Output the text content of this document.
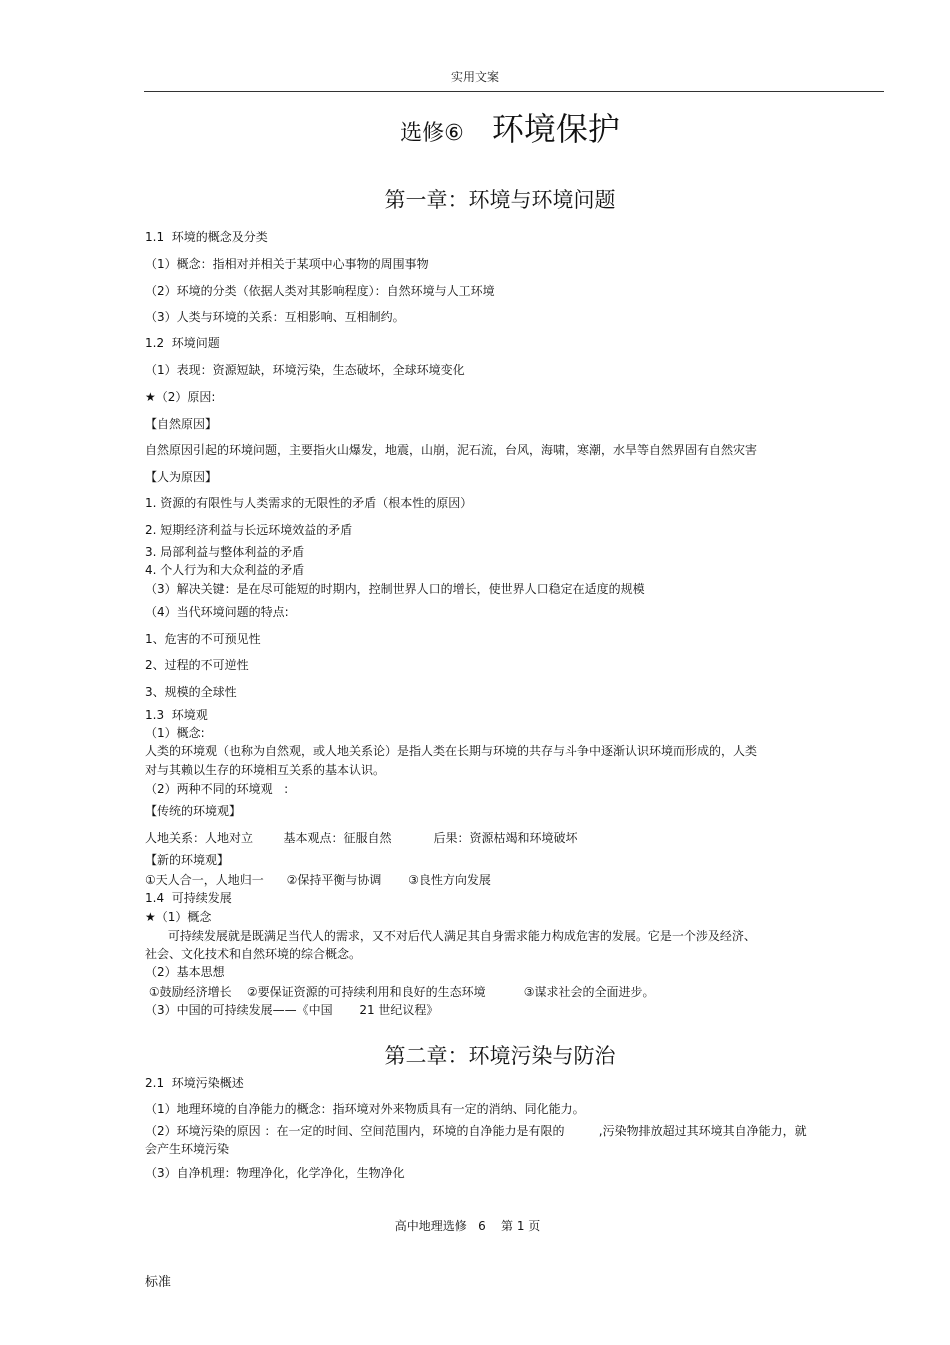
实用文案
选修⑥ 环境保护
第一章：环境与环境问题
1.1  环境的概念及分类
（1）概念：指相对并相关于某项中心事物的周围事物
（2）环境的分类（依据人类对其影响程度）：自然环境与人工环境
（3）人类与环境的关系：互相影响、互相制约。
1.2  环境问题
（1）表现：资源短缺，环境污染，生态破坏，全球环境变化
★（2）原因:
【自然原因】
自然原因引起的环境问题，主要指火山爆发，地震，山崩，泥石流，台风，海啸，寒潮，水旱等自然界固有自然灾害
【人为原因】
1. 资源的有限性与人类需求的无限性的矛盾（根本性的原因）
2. 短期经济利益与长远环境效益的矛盾
3. 局部利益与整体利益的矛盾
4. 个人行为和大众利益的矛盾
（3）解决关键：是在尽可能短的时期内，控制世界人口的增长，使世界人口稳定在适度的规模
（4）当代环境问题的特点:
1、危害的不可预见性
2、过程的不可逆性
3、规模的全球性
1.3  环境观
（1）概念:
人类的环境观（也称为自然观，或人地关系论）是指人类在长期与环境的共存与斗争中逐渐认识环境而形成的，人类
对与其赖以生存的环境相互关系的基本认识。
（2）两种不同的环境观   :
【传统的环境观】
人地关系：人地对立        基本观点：征服自然           后果：资源枯竭和环境破坏
【新的环境观】
①天人合一，人地归一      ②保持平衡与协调       ③良性方向发展
1.4  可持续发展
★（1）概念
可持续发展就是既满足当代人的需求，又不对后代人满足其自身需求能力构成危害的发展。它是一个涉及经济、
社会、文化技术和自然环境的综合概念。
（2）基本思想
①鼓励经济增长    ②要保证资源的可持续利用和良好的生态环境          ③谋求社会的全面进步。
（3）中国的可持续发展——《中国       21 世纪议程》
第二章：环境污染与防治
2.1  环境污染概述
（1）地理环境的自净能力的概念：指环境对外来物质具有一定的消纳、同化能力。
（2）环境污染的原因 ：在一定的时间、空间范围内，环境的自净能力是有限的         ,污染物排放超过其环境其自净能力，就
会产生环境污染
（3）自净机理：物理净化，化学净化，生物净化
高中地理选修   6    第 1 页
标准
